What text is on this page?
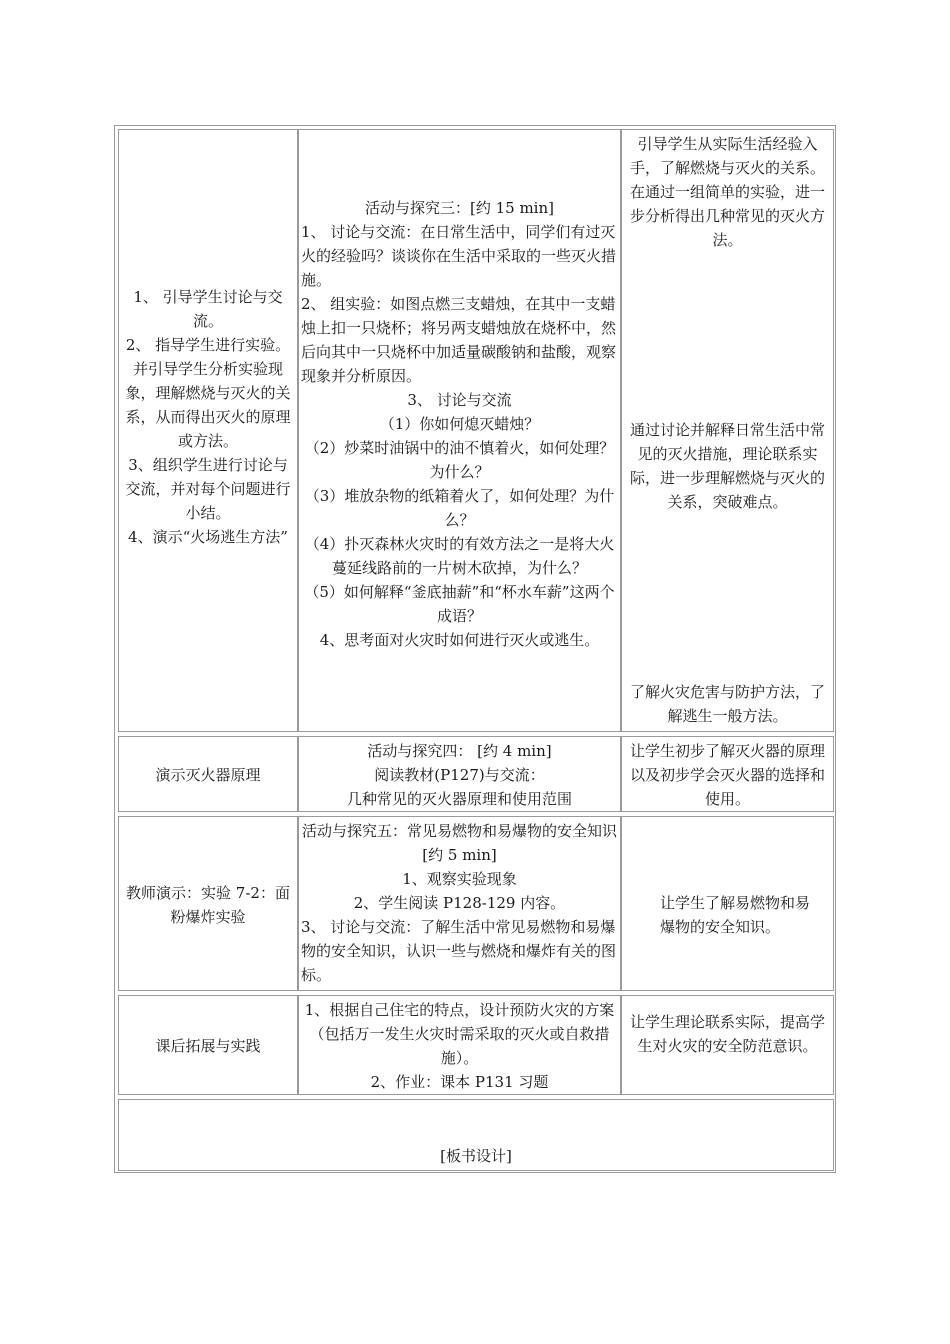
1、 引导学生讨论与交流。

2、 指导学生进行实验。并引导学生分析实验现象，理解燃烧与灭火的关系，从而得出灭火的原理或方法。

3、组织学生进行讨论与交流，并对每个问题进行小结。

4、演示“火场逃生方法”

活动与探究三：[约 15 min]

1、 讨论与交流：在日常生活中，同学们有过灭火的经验吗？谈谈你在生活中采取的一些灭火措施。

2、 组实验：如图点燃三支蜡烛，在其中一支蜡烛上扣一只烧杯；将另两支蜡烛放在烧杯中，然后向其中一只烧杯中加适量碳酸钠和盐酸，观察现象并分析原因。

3、 讨论与交流

（1）你如何熄灭蜡烛？

（2）炒菜时油锅中的油不慎着火，如何处理？为什么？

（3）堆放杂物的纸箱着火了，如何处理？为什么？

（4）扑灭森林火灾时的有效方法之一是将大火蔓延线路前的一片树木砍掉，为什么？

（5）如何解释“釜底抽薪”和“杯水车薪”这两个成语？

4、思考面对火灾时如何进行灭火或逃生。

引导学生从实际生活经验入手，了解燃烧与灭火的关系。在通过一组简单的实验，进一步分析得出几种常见的灭火方法。

通过讨论并解释日常生活中常见的灭火措施，理论联系实际，进一步理解燃烧与灭火的关系，突破难点。

了解火灾危害与防护方法，了解逃生一般方法。

演示灭火器原理

活动与探究四： [约 4 min]

阅读教材(P127)与交流：

几种常见的灭火器原理和使用范围

让学生初步了解灭火器的原理以及初步学会灭火器的选择和使用。

教师演示：实验 7-2：面粉爆炸实验

活动与探究五：常见易燃物和易爆物的安全知识[约 5 min]

1、观察实验现象

2、学生阅读 P128-129 内容。

3、 讨论与交流：了解生活中常见易燃物和易爆物的安全知识，认识一些与燃烧和爆炸有关的图标。

让学生了解易燃物和易爆物的安全知识。

课后拓展与实践

1、根据自己住宅的特点，设计预防火灾的方案（包括万一发生火灾时需采取的灭火或自救措施）。

2、作业：课本 P131 习题

让学生理论联系实际，提高学生对火灾的安全防范意识。

[板书设计]
